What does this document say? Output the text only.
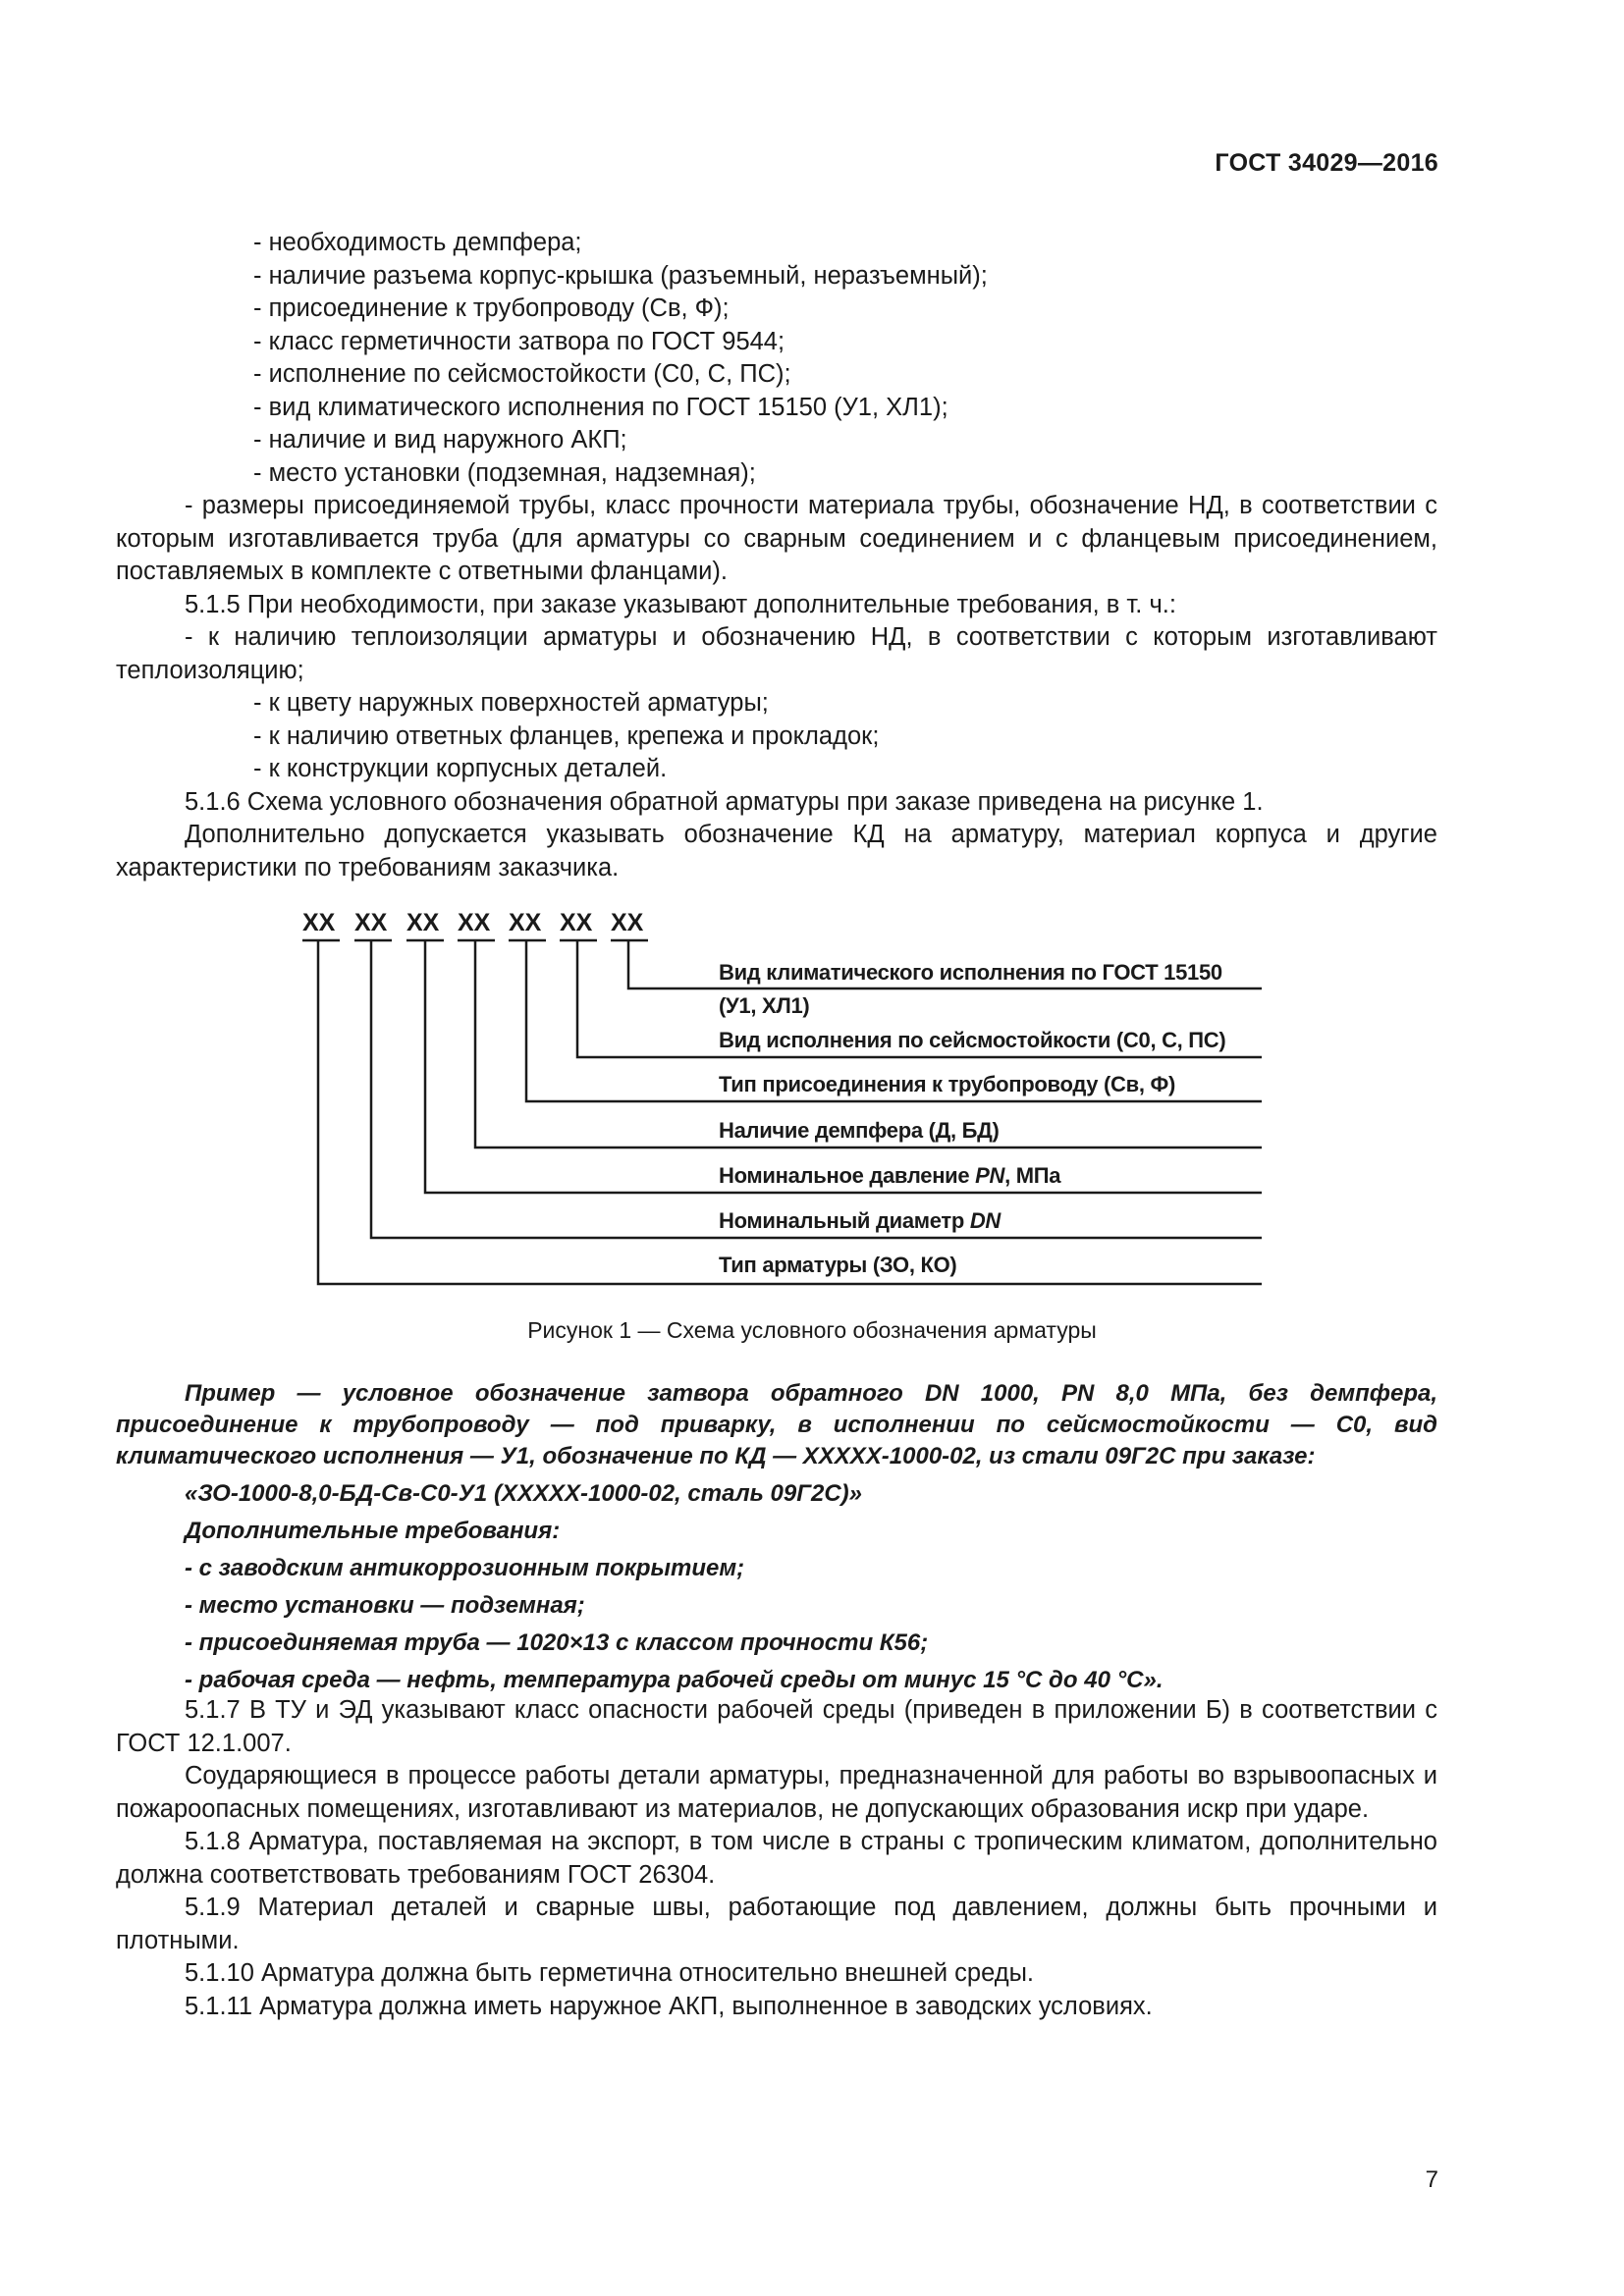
ГОСТ 34029—2016

- необходимость демпфера;

- наличие разъема корпус-крышка (разъемный, неразъемный);

- присоединение к трубопроводу (Св, Ф);

- класс герметичности затвора по ГОСТ 9544;

- исполнение по сейсмостойкости (С0, С, ПС);

- вид климатического исполнения по ГОСТ 15150 (У1, ХЛ1);

- наличие и вид наружного АКП;

- место установки (подземная, надземная);

- размеры присоединяемой трубы, класс прочности материала трубы, обозначение НД, в соответствии с которым изготавливается труба (для арматуры со сварным соединением и с фланцевым присоединением, поставляемых в комплекте с ответными фланцами).

5.1.5 При необходимости, при заказе указывают дополнительные требования, в т. ч.:

- к наличию теплоизоляции арматуры и обозначению НД, в соответствии с которым изготавливают теплоизоляцию;

- к цвету наружных поверхностей арматуры;

- к наличию ответных фланцев, крепежа и прокладок;

- к конструкции корпусных деталей.

5.1.6 Схема условного обозначения обратной арматуры при заказе приведена на рисунке 1.

Дополнительно допускается указывать обозначение КД на арматуру, материал корпуса и другие характеристики по требованиям заказчика.

ХХ ХХ ХХ ХХ ХХ ХХ ХХ
Вид климатического исполнения по ГОСТ 15150
(У1, ХЛ1)
Вид исполнения по сейсмостойкости (С0, С, ПС)
Тип присоединения к трубопроводу (Св, Ф)
Наличие демпфера (Д, БД)
Номинальное давление PN, МПа
Номинальный диаметр DN
Тип арматуры (ЗО, КО)
Рисунок 1 — Схема условного обозначения арматуры

Пример — условное обозначение затвора обратного DN 1000, PN 8,0 МПа, без демпфера, присоединение к трубопроводу — под приварку, в исполнении по сейсмостойкости — С0, вид климатического исполнения — У1, обозначение по КД — ХХХХХ-1000-02, из стали 09Г2С при заказе:

«ЗО-1000-8,0-БД-Св-С0-У1 (ХХХХХ-1000-02, сталь 09Г2С)»

Дополнительные требования:

- с заводским антикоррозионным покрытием;

- место установки — подземная;

- присоединяемая труба — 1020×13 с классом прочности К56;

- рабочая среда — нефть, температура рабочей среды от минус 15 °С до 40 °С».

5.1.7 В ТУ и ЭД указывают класс опасности рабочей среды (приведен в приложении Б) в соответствии с ГОСТ 12.1.007.

Соударяющиеся в процессе работы детали арматуры, предназначенной для работы во взрывоопасных и пожароопасных помещениях, изготавливают из материалов, не допускающих образования искр при ударе.

5.1.8 Арматура, поставляемая на экспорт, в том числе в страны с тропическим климатом, дополнительно должна соответствовать требованиям ГОСТ 26304.

5.1.9 Материал деталей и сварные швы, работающие под давлением, должны быть прочными и плотными.

5.1.10 Арматура должна быть герметична относительно внешней среды.

5.1.11 Арматура должна иметь наружное АКП, выполненное в заводских условиях.

7
